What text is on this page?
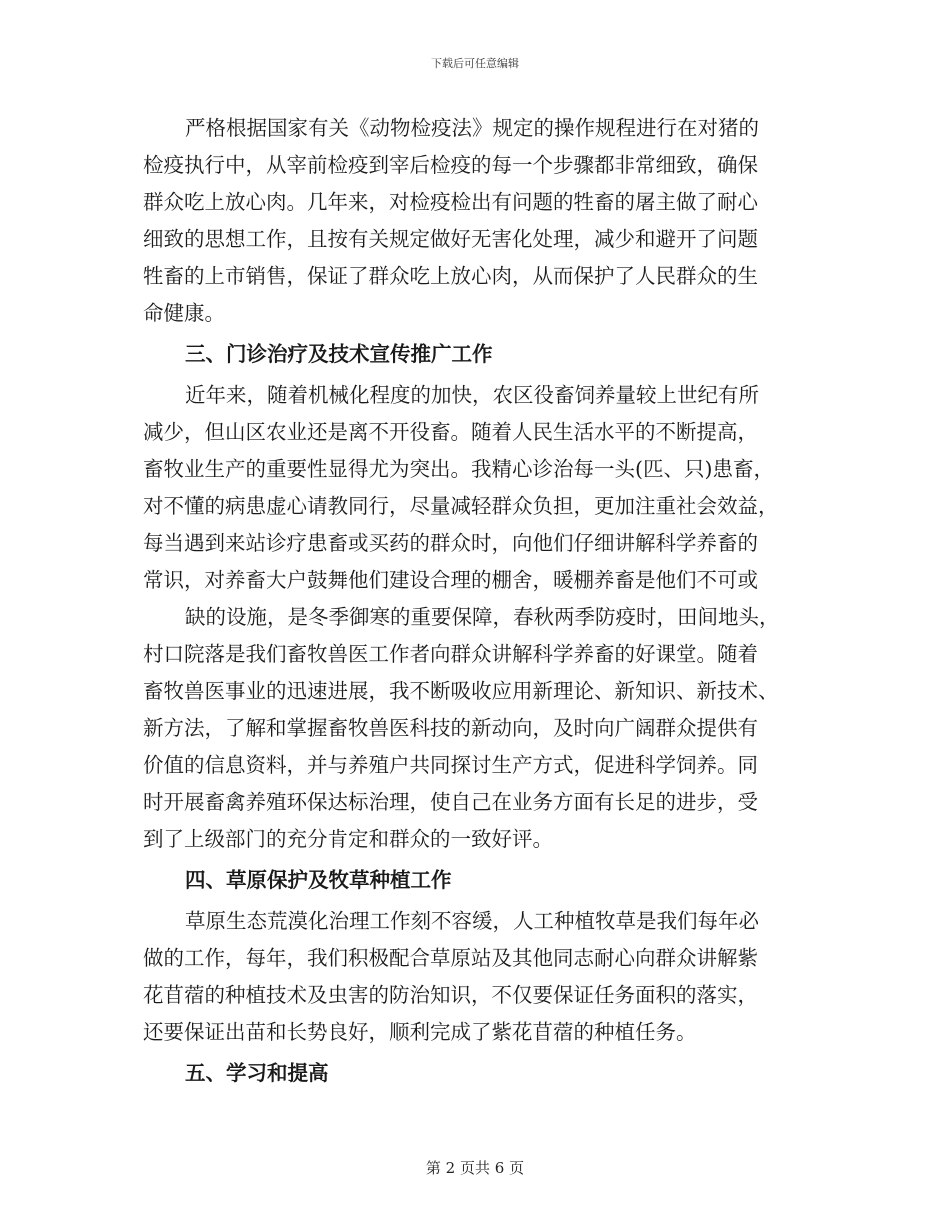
下载后可任意编辑
严格根据国家有关《动物检疫法》规定的操作规程进行在对猪的
检疫执行中，从宰前检疫到宰后检疫的每一个步骤都非常细致，确保
群众吃上放心肉。几年来，对检疫检出有问题的牲畜的屠主做了耐心
细致的思想工作，且按有关规定做好无害化处理，减少和避开了问题
牲畜的上市销售，保证了群众吃上放心肉，从而保护了人民群众的生
命健康。
三、门诊治疗及技术宣传推广工作
近年来，随着机械化程度的加快，农区役畜饲养量较上世纪有所
减少，但山区农业还是离不开役畜。随着人民生活水平的不断提高，
畜牧业生产的重要性显得尤为突出。我精心诊治每一头(匹、只)患畜，
对不懂的病患虚心请教同行，尽量减轻群众负担，更加注重社会效益，
每当遇到来站诊疗患畜或买药的群众时，向他们仔细讲解科学养畜的
常识，对养畜大户鼓舞他们建设合理的棚舍，暖棚养畜是他们不可或
缺的设施，是冬季御寒的重要保障，春秋两季防疫时，田间地头，
村口院落是我们畜牧兽医工作者向群众讲解科学养畜的好课堂。随着
畜牧兽医事业的迅速进展，我不断吸收应用新理论、新知识、新技术、
新方法，了解和掌握畜牧兽医科技的新动向，及时向广阔群众提供有
价值的信息资料，并与养殖户共同探讨生产方式，促进科学饲养。同
时开展畜禽养殖环保达标治理，使自己在业务方面有长足的进步，受
到了上级部门的充分肯定和群众的一致好评。
四、草原保护及牧草种植工作
草原生态荒漠化治理工作刻不容缓，人工种植牧草是我们每年必
做的工作，每年，我们积极配合草原站及其他同志耐心向群众讲解紫
花苜蓿的种植技术及虫害的防治知识，不仅要保证任务面积的落实，
还要保证出苗和长势良好，顺利完成了紫花苜蓿的种植任务。
五、学习和提高
第 2 页共 6 页
